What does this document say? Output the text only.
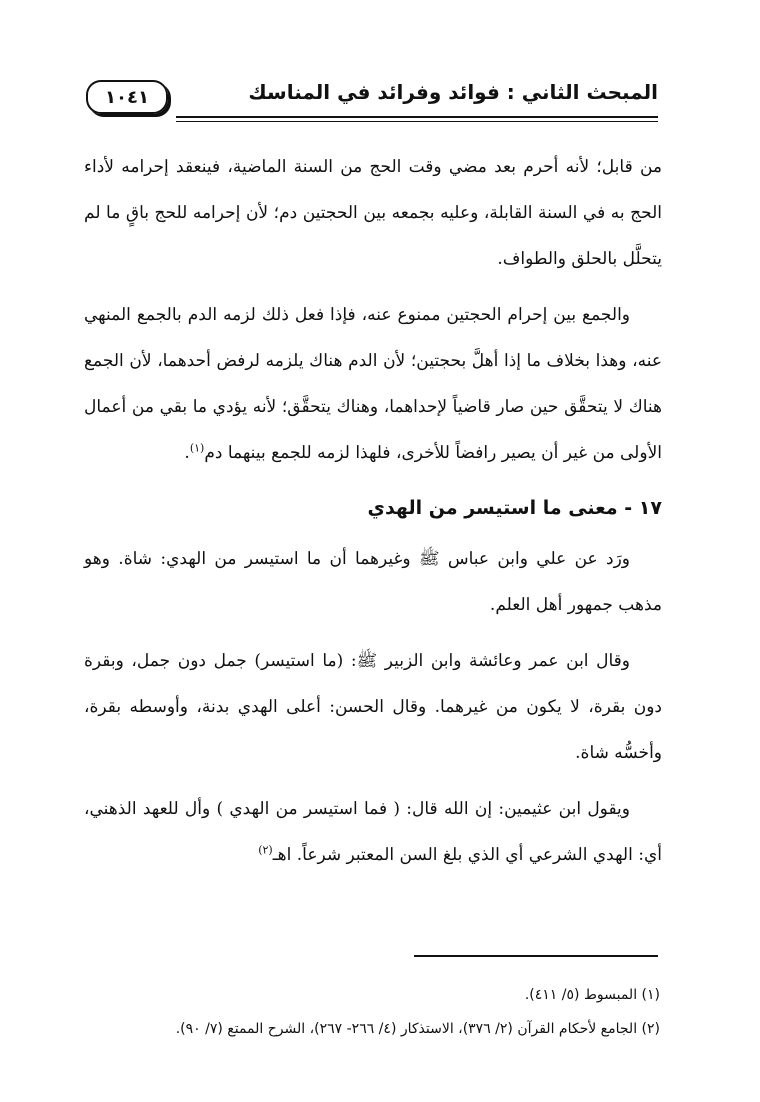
المبحث الثاني : فوائد وفرائد في المناسك
١٠٤١

من قابل؛ لأنه أحرم بعد مضي وقت الحج من السنة الماضية، فينعقد إحرامه لأداء الحج به في السنة القابلة، وعليه بجمعه بين الحجتين دم؛ لأن إحرامه للحج باقٍ ما لم يتحلَّل بالحلق والطواف.

والجمع بين إحرام الحجتين ممنوع عنه، فإذا فعل ذلك لزمه الدم بالجمع المنهي عنه، وهذا بخلاف ما إذا أهلَّ بحجتين؛ لأن الدم هناك يلزمه لرفض أحدهما، لأن الجمع هناك لا يتحقَّق حين صار قاضياً لإحداهما، وهناك يتحقَّق؛ لأنه يؤدي ما بقي من أعمال الأولى من غير أن يصير رافضاً للأخرى، فلهذا لزمه للجمع بينهما دم$^{(١)}$.

١٧ - معنى ما استيسر من الهدي

ورَد عن علي وابن عباس ﷺ وغيرهما أن ما استيسر من الهدي: شاة. وهو مذهب جمهور أهل العلم.

وقال ابن عمر وعائشة وابن الزبير ﷺ: (ما استيسر) جمل دون جمل، وبقرة دون بقرة، لا يكون من غيرهما. وقال الحسن: أعلى الهدي بدنة، وأوسطه بقرة، وأخسُّه شاة.

ويقول ابن عثيمين: إن الله قال: ( فما استيسر من الهدي ) وأل للعهد الذهني، أي: الهدي الشرعي أي الذي بلغ السن المعتبر شرعاً. اهـ$^{(٢)}$

(١) المبسوط (٥/ ٤١١).
(٢) الجامع لأحكام القرآن (٢/ ٣٧٦)، الاستذكار (٤/ ٢٦٦- ٢٦٧)، الشرح الممتع (٧/ ٩٠).
